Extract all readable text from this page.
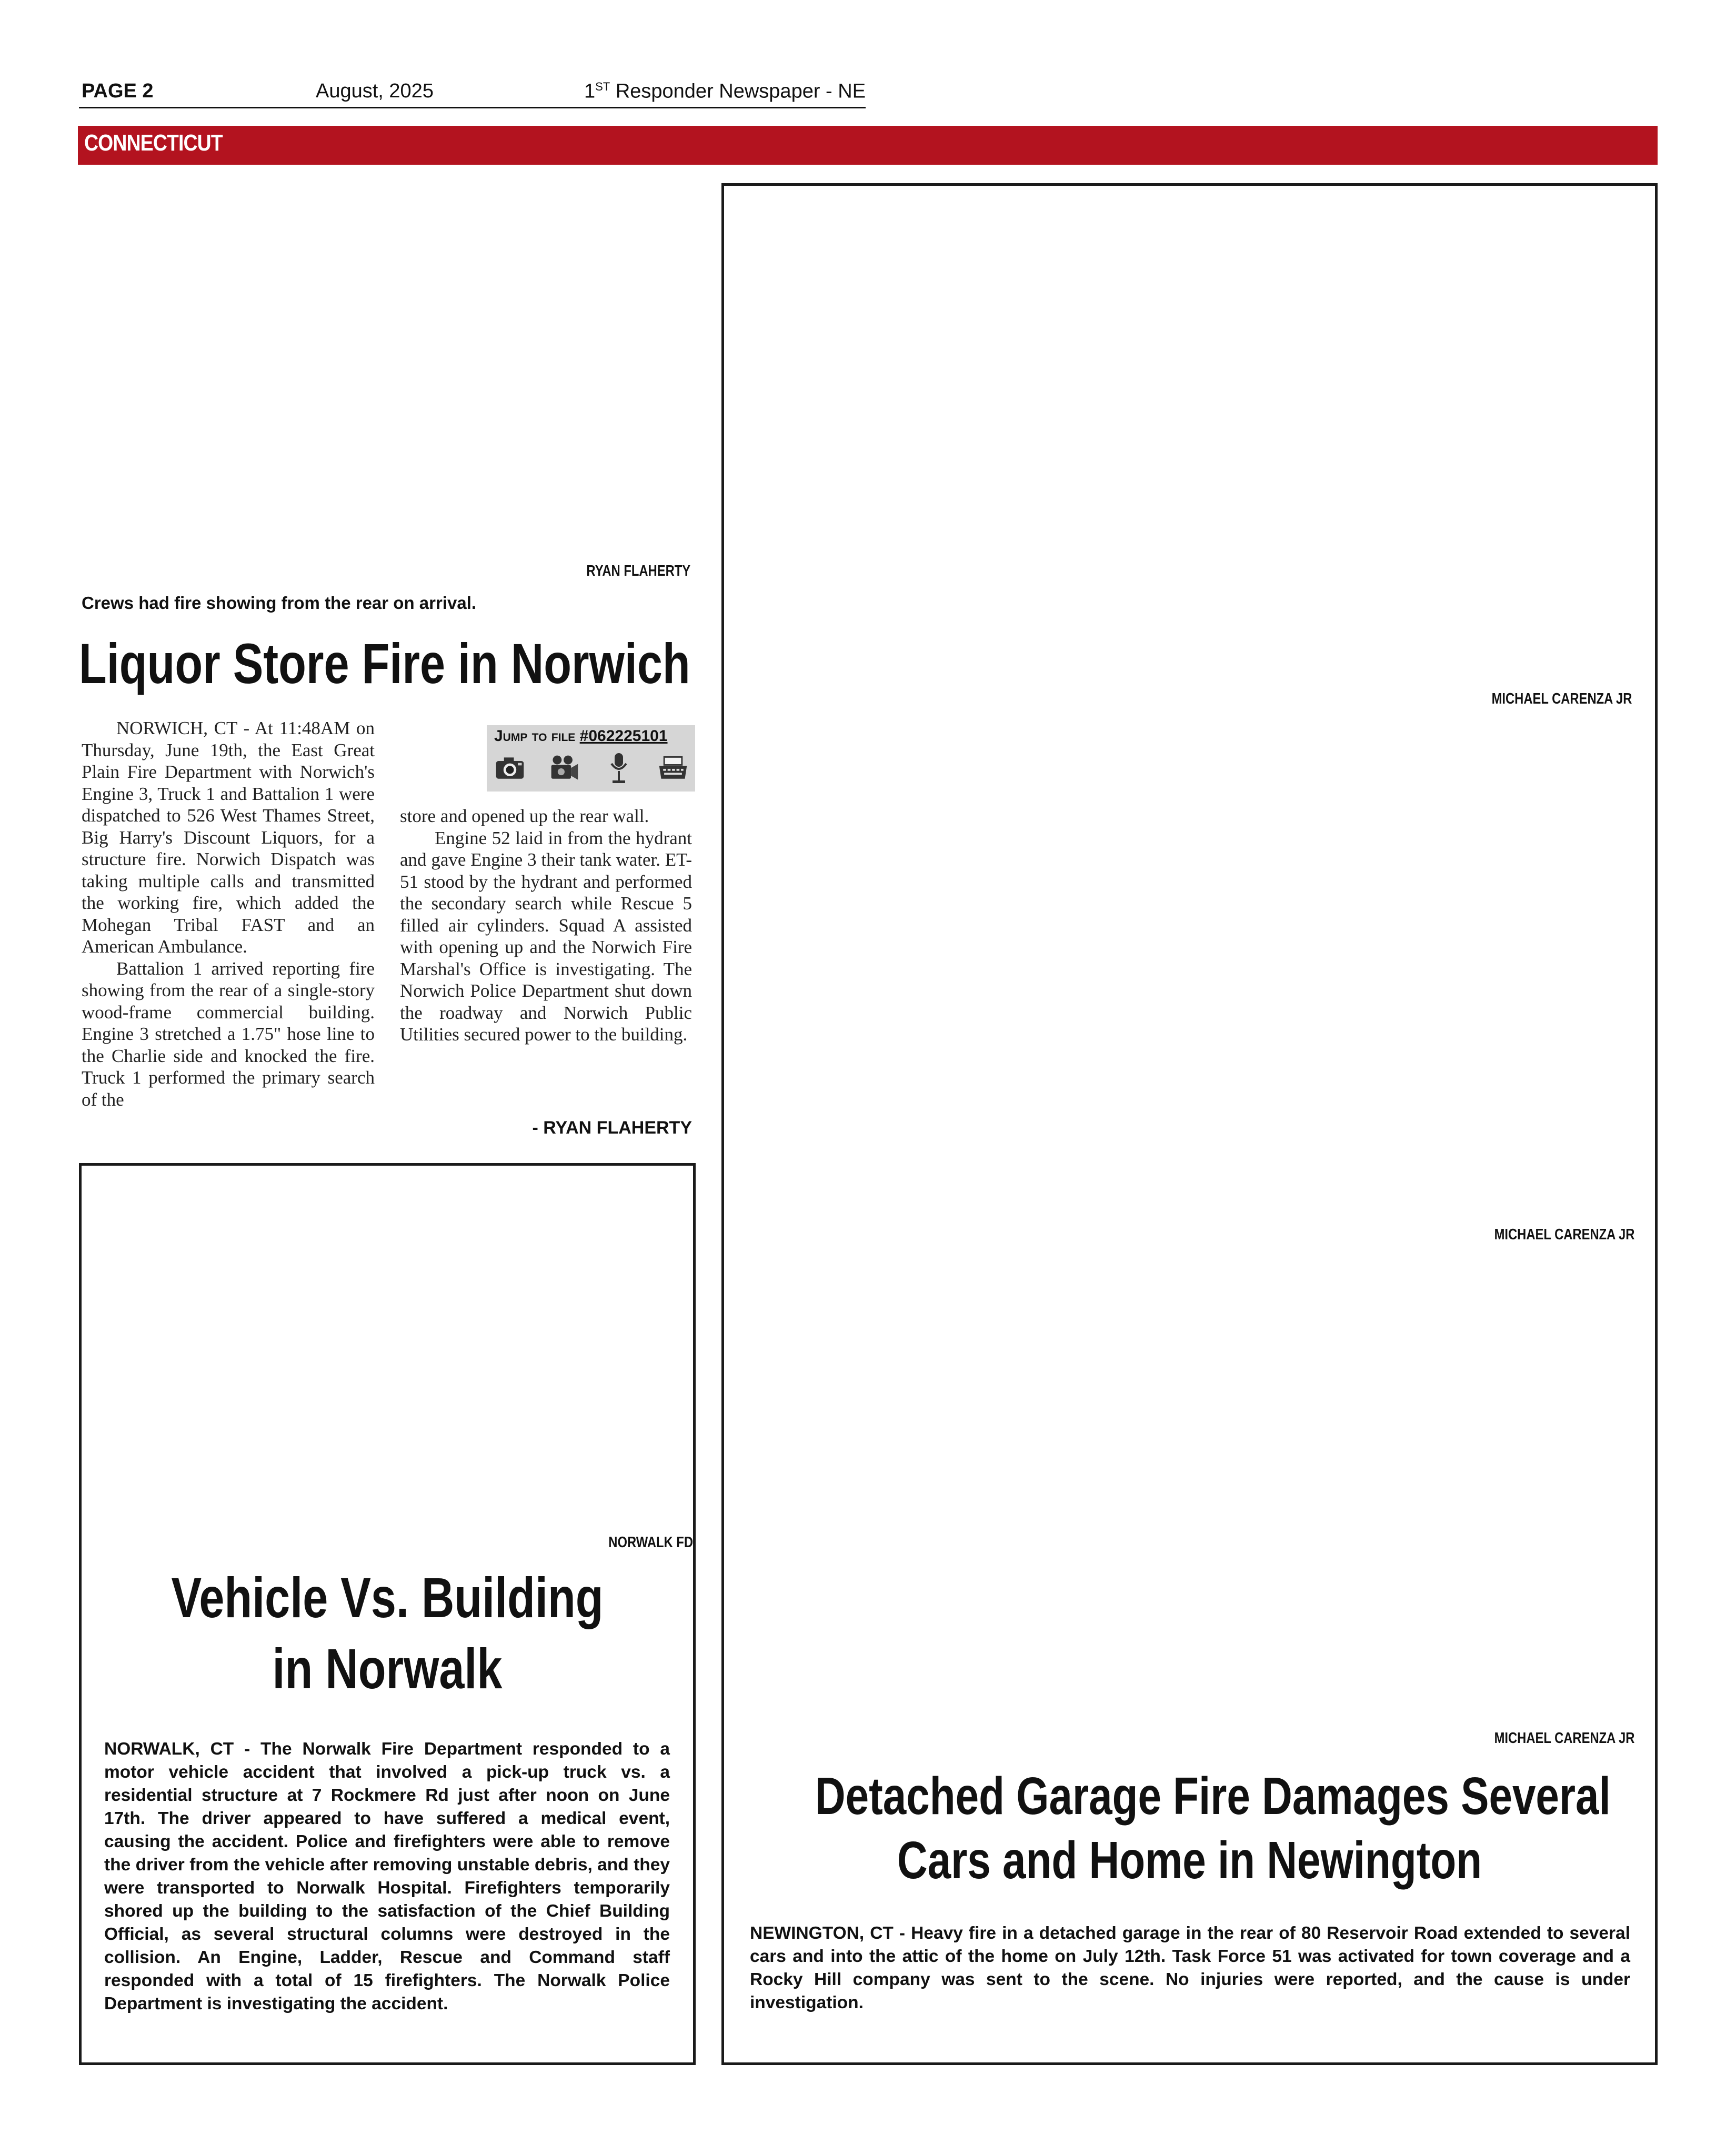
PAGE 2	August, 2025	1ST Responder Newspaper - NE
CONNECTICUT
RYAN FLAHERTY
Crews had fire showing from the rear on arrival.
Liquor Store Fire in Norwich

NORWICH, CT - At 11:48AM on Thursday, June 19th, the East Great Plain Fire Department with Norwich's Engine 3, Truck 1 and Battalion 1 were dispatched to 526 West Thames Street, Big Harry's Discount Liquors, for a structure fire. Norwich Dispatch was taking multiple calls and transmitted the working fire, which added the Mohegan Tribal FAST and an American Ambulance.

Battalion 1 arrived reporting fire showing from the rear of a single-story wood-frame commercial building. Engine 3 stretched a 1.75" hose line to the Charlie side and knocked the fire. Truck 1 performed the primary search of the

Jump to file #062225101

store and opened up the rear wall.

Engine 52 laid in from the hydrant and gave Engine 3 their tank water. ET-51 stood by the hydrant and performed the secondary search while Rescue 5 filled air cylinders. Squad A assisted with opening up and the Norwich Fire Marshal's Office is investigating. The Norwich Police Department shut down the roadway and Norwich Public Utilities secured power to the building.

- RYAN FLAHERTY
NORWALK FD
Vehicle Vs. Building
in Norwalk
NORWALK, CT - The Norwalk Fire Department responded to a motor vehicle accident that involved a pick-up truck vs. a residential structure at 7 Rockmere Rd just after noon on June 17th. The driver appeared to have suffered a medical event, causing the accident. Police and firefighters were able to remove the driver from the vehicle after removing unstable debris, and they were transported to Norwalk Hospital. Firefighters temporarily shored up the building to the satisfaction of the Chief Building Official, as several structural columns were destroyed in the collision. An Engine, Ladder, Rescue and Command staff responded with a total of 15 firefighters. The Norwalk Police Department is investigating the accident.
MICHAEL CARENZA JR
MICHAEL CARENZA JR
MICHAEL CARENZA JR
Detached Garage Fire Damages Several
Cars and Home in Newington
NEWINGTON, CT - Heavy fire in a detached garage in the rear of 80 Reservoir Road extended to several cars and into the attic of the home on July 12th. Task Force 51 was activated for town coverage and a Rocky Hill company was sent to the scene. No injuries were reported, and the cause is under investigation.
